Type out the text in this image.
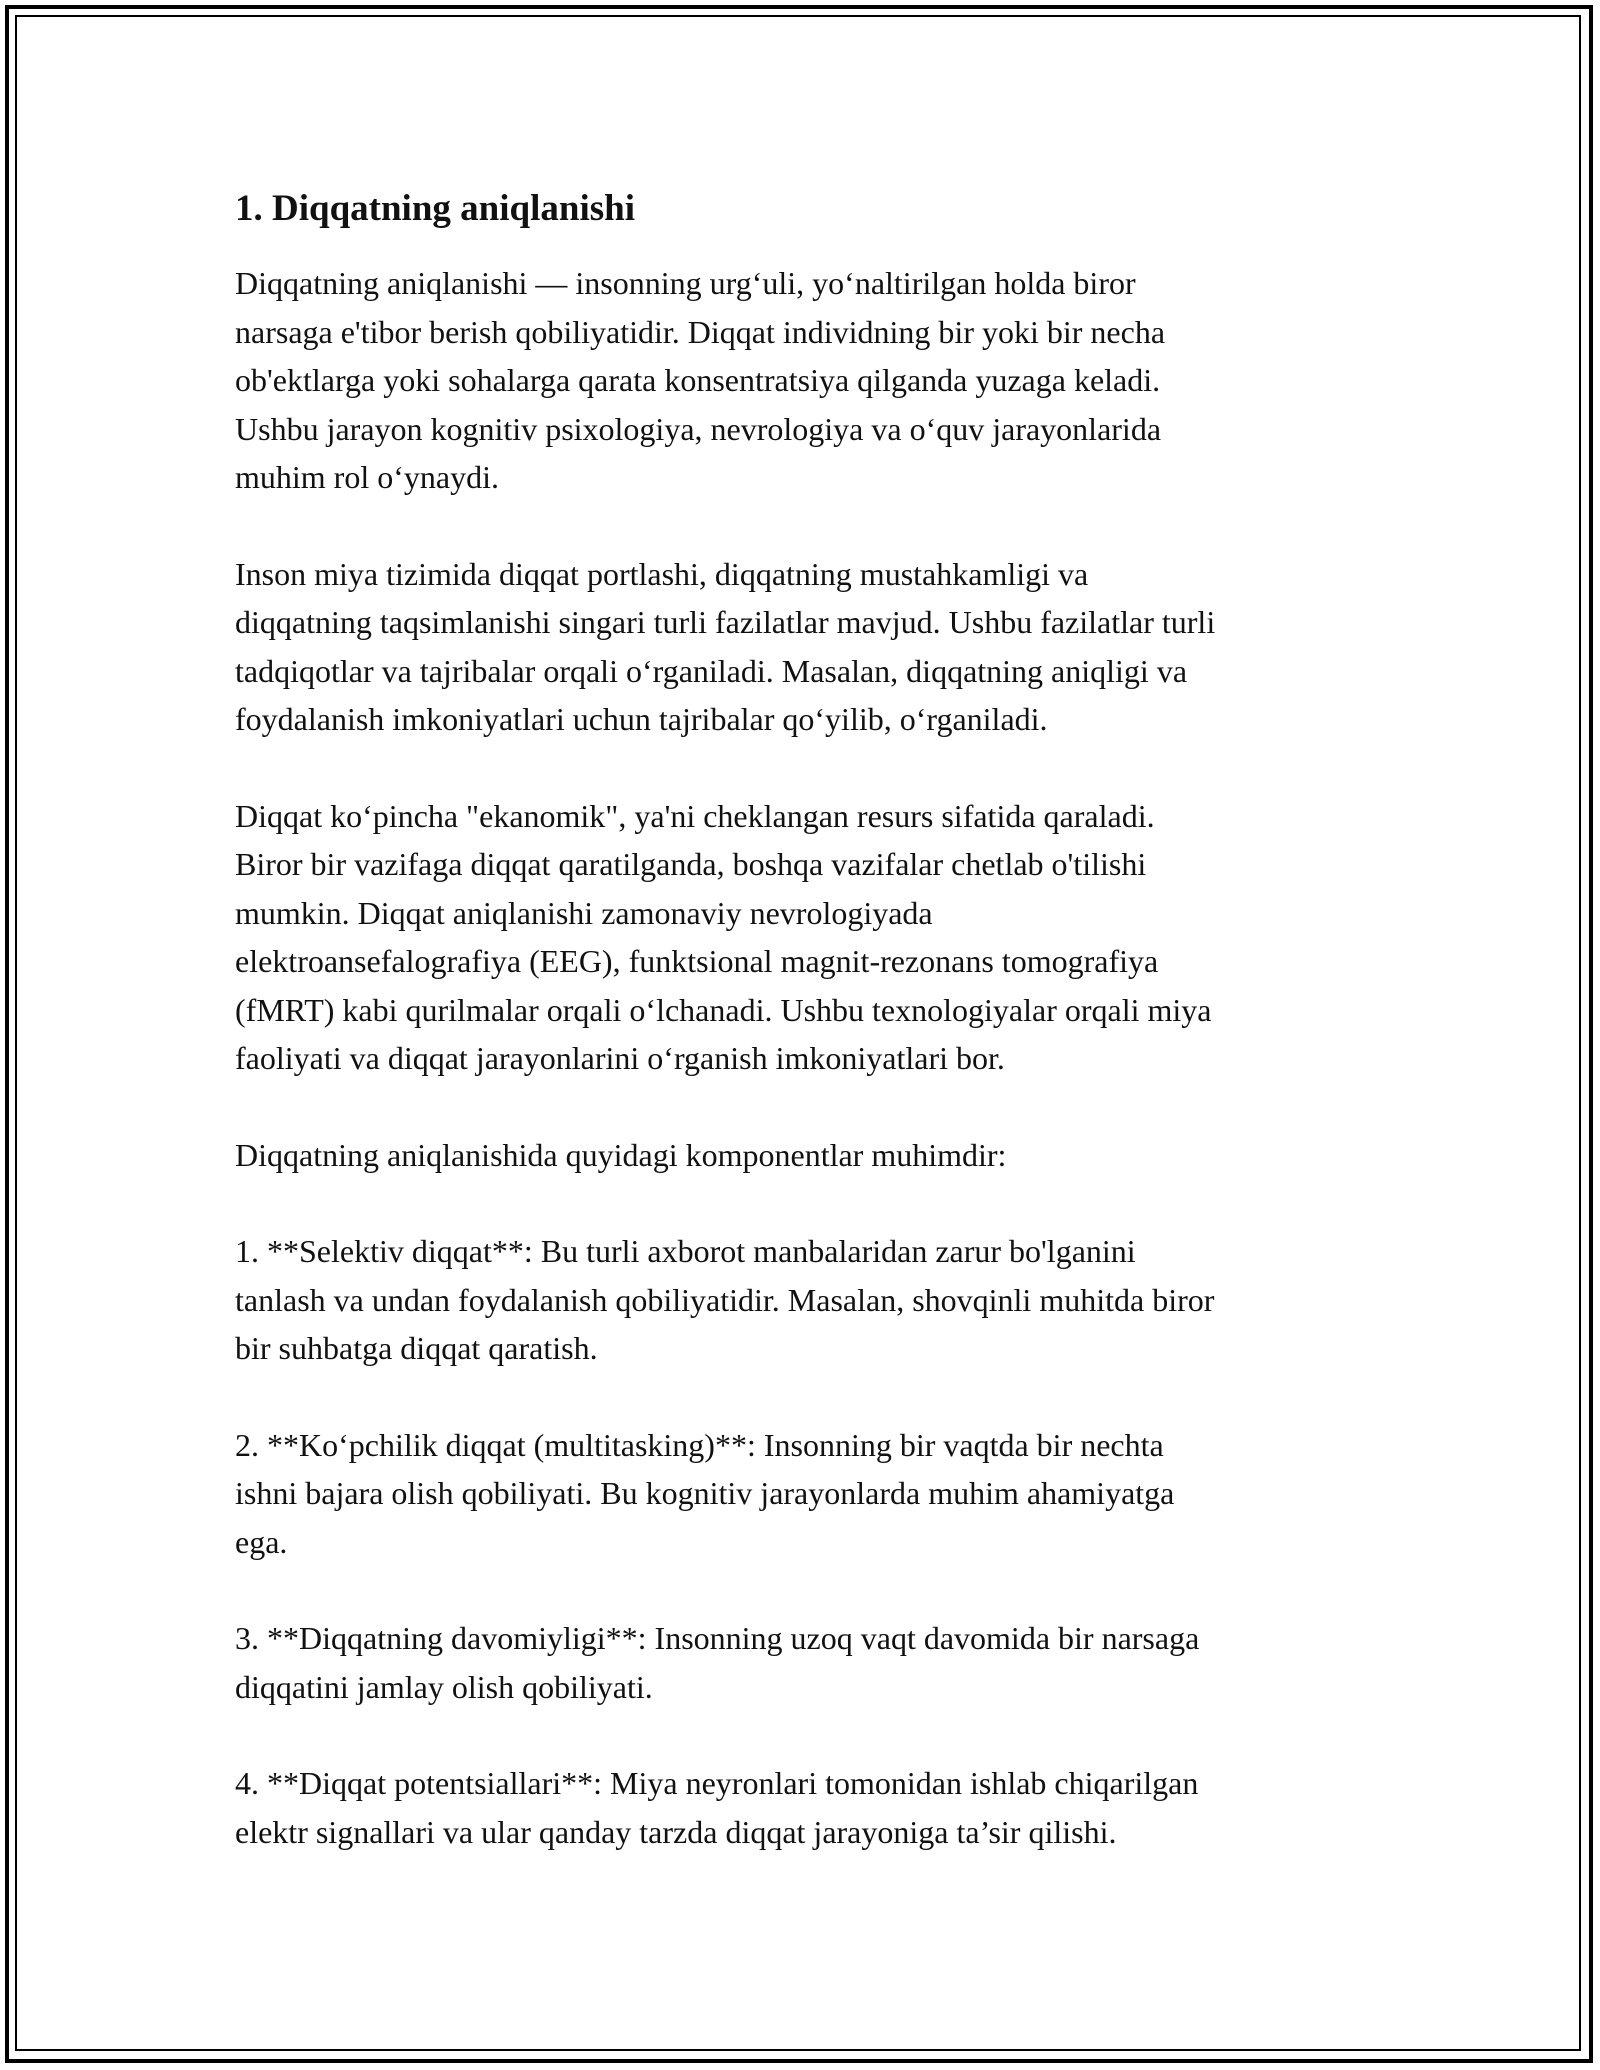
1. Diqqatning aniqlanishi

Diqqatning aniqlanishi — insonning urg‘uli, yo‘naltirilgan holda biror
narsaga e'tibor berish qobiliyatidir. Diqqat individning bir yoki bir necha
ob'ektlarga yoki sohalarga qarata konsentratsiya qilganda yuzaga keladi.
Ushbu jarayon kognitiv psixologiya, nevrologiya va o‘quv jarayonlarida
muhim rol o‘ynaydi.

Inson miya tizimida diqqat portlashi, diqqatning mustahkamligi va
diqqatning taqsimlanishi singari turli fazilatlar mavjud. Ushbu fazilatlar turli
tadqiqotlar va tajribalar orqali o‘rganiladi. Masalan, diqqatning aniqligi va
foydalanish imkoniyatlari uchun tajribalar qo‘yilib, o‘rganiladi.

Diqqat ko‘pincha "ekanomik", ya'ni cheklangan resurs sifatida qaraladi.
Biror bir vazifaga diqqat qaratilganda, boshqa vazifalar chetlab o'tilishi
mumkin. Diqqat aniqlanishi zamonaviy nevrologiyada
elektroansefalografiya (EEG), funktsional magnit-rezonans tomografiya
(fMRT) kabi qurilmalar orqali o‘lchanadi. Ushbu texnologiyalar orqali miya
faoliyati va diqqat jarayonlarini o‘rganish imkoniyatlari bor.

Diqqatning aniqlanishida quyidagi komponentlar muhimdir:

1. **Selektiv diqqat**: Bu turli axborot manbalaridan zarur bo'lganini
tanlash va undan foydalanish qobiliyatidir. Masalan, shovqinli muhitda biror
bir suhbatga diqqat qaratish.

2. **Ko‘pchilik diqqat (multitasking)**: Insonning bir vaqtda bir nechta
ishni bajara olish qobiliyati. Bu kognitiv jarayonlarda muhim ahamiyatga
ega.

3. **Diqqatning davomiyligi**: Insonning uzoq vaqt davomida bir narsaga
diqqatini jamlay olish qobiliyati.

4. **Diqqat potentsiallari**: Miya neyronlari tomonidan ishlab chiqarilgan
elektr signallari va ular qanday tarzda diqqat jarayoniga ta’sir qilishi.
